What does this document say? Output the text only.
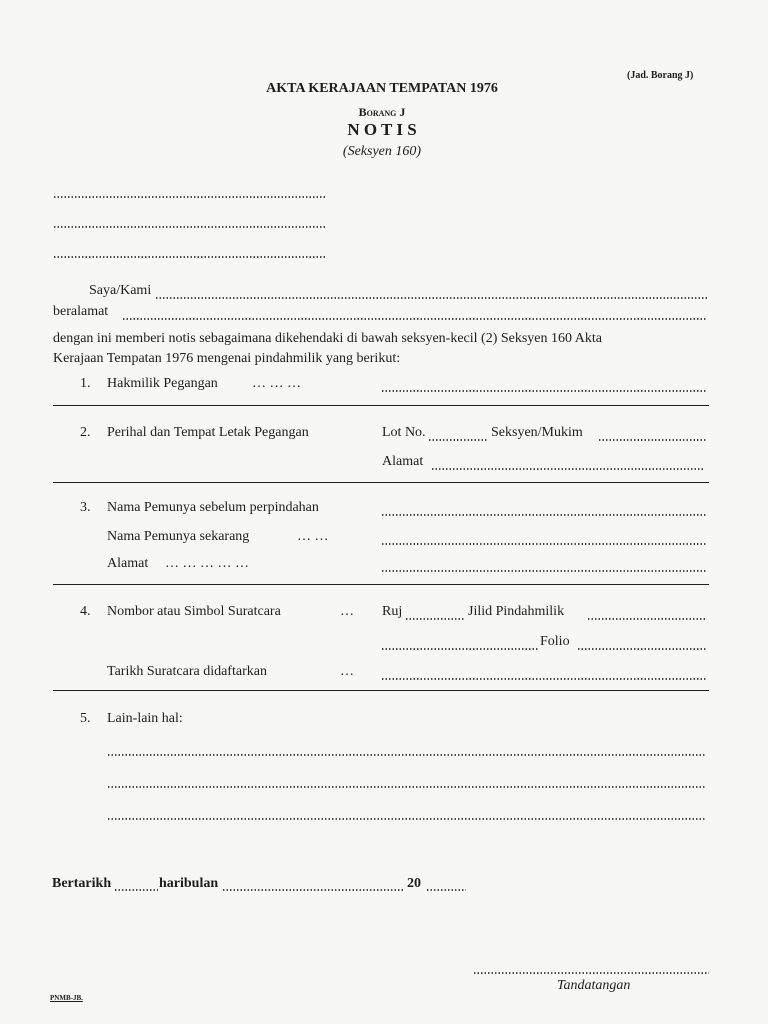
(Jad. Borang J)
AKTA KERAJAAN TEMPATAN 1976
Borang J
N O T I S
(Seksyen 160)
Saya/Kami
beralamat
dengan ini memberi notis sebagaimana dikehendaki di bawah seksyen-kecil (2) Seksyen 160 Akta
Kerajaan Tempatan 1976 mengenai pindahmilik yang berikut:
1. Hakmilik Pegangan … … …
2. Perihal dan Tempat Letak Pegangan	Lot No.	Seksyen/Mukim
Alamat
3. Nama Pemunya sebelum perpindahan
Nama Pemunya sekarang	… …
Alamat … … … … …
4. Nombor atau Simbol Suratcara	… Ruj	Jilid Pindahmilik
Folio
Tarikh Suratcara didaftarkan	…
5. Lain-lain hal:
Bertarikh	haribulan	20
Tandatangan
PNMB-JB.
